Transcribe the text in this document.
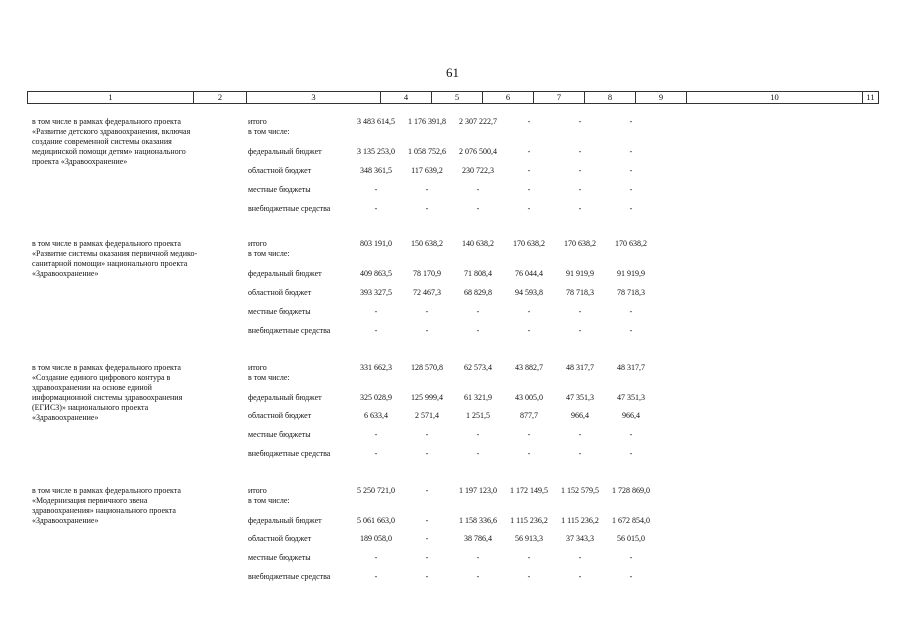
61
1	2	3	4	5	6	7	8	9	10	11
в том числе в рамках федерального проекта «Развитие детского здравоохранения, включая создание современной системы оказания медицинской помощи детям» национального проекта «Здравоохранение»
итого	3 483 614,5	1 176 391,8	2 307 222,7	-	-	-
в том числе:
федеральный бюджет	3 135 253,0	1 058 752,6	2 076 500,4	-	-	-
областной бюджет	348 361,5	117 639,2	230 722,3	-	-	-
местные бюджеты	-	-	-	-	-	-
внебюджетные средства	-	-	-	-	-	-
в том числе в рамках федерального проекта «Развитие системы оказания первичной медико-санитарной помощи» национального проекта «Здравоохранение»
итого	803 191,0	150 638,2	140 638,2	170 638,2	170 638,2	170 638,2
в том числе:
федеральный бюджет	409 863,5	78 170,9	71 808,4	76 044,4	91 919,9	91 919,9
областной бюджет	393 327,5	72 467,3	68 829,8	94 593,8	78 718,3	78 718,3
местные бюджеты	-	-	-	-	-	-
внебюджетные средства	-	-	-	-	-	-
в том числе в рамках федерального проекта «Создание единого цифрового контура в здравоохранении на основе единой информационной системы здравоохранения (ЕГИСЗ)» национального проекта «Здравоохранение»
итого	331 662,3	128 570,8	62 573,4	43 882,7	48 317,7	48 317,7
в том числе:
федеральный бюджет	325 028,9	125 999,4	61 321,9	43 005,0	47 351,3	47 351,3
областной бюджет	6 633,4	2 571,4	1 251,5	877,7	966,4	966,4
местные бюджеты	-	-	-	-	-	-
внебюджетные средства	-	-	-	-	-	-
в том числе в рамках федерального проекта «Модернизация первичного звена здравоохранения» национального проекта «Здравоохранение»
итого	5 250 721,0	-	1 197 123,0	1 172 149,5	1 152 579,5	1 728 869,0
в том числе:
федеральный бюджет	5 061 663,0	-	1 158 336,6	1 115 236,2	1 115 236,2	1 672 854,0
областной бюджет	189 058,0	-	38 786,4	56 913,3	37 343,3	56 015,0
местные бюджеты	-	-	-	-	-	-
внебюджетные средства	-	-	-	-	-	-
